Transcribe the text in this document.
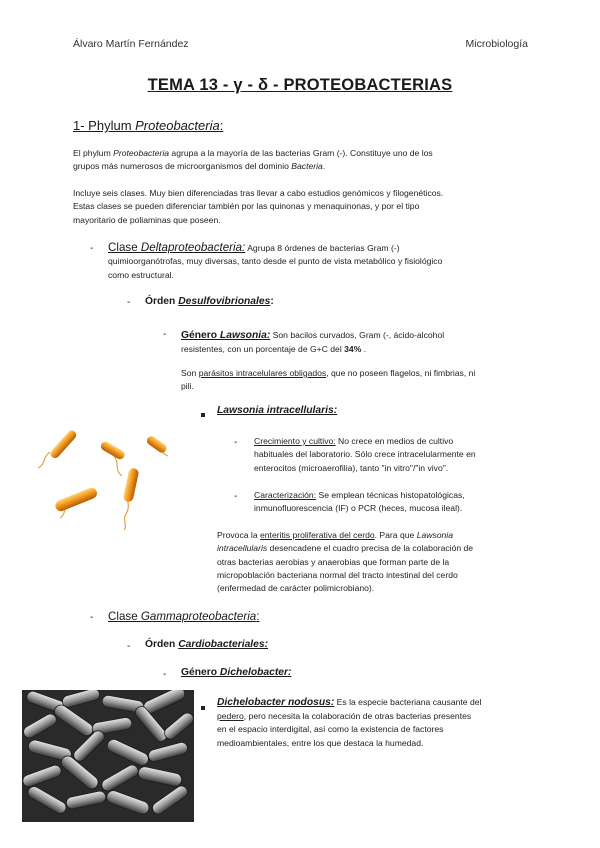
Álvaro Martín Fernández	Microbiología
TEMA 13 - γ - δ - PROTEOBACTERIAS
1- Phylum Proteobacteria:
El phylum Proteobacteria agrupa a la mayoría de las bacterias Gram (-). Constituye uno de los
grupos más numerosos de microorganismos del dominio Bacteria.
Incluye seis clases. Muy bien diferenciadas tras llevar a cabo estudios genómicos y filogenéticos.
Estas clases se pueden diferenciar también por las quinonas y menaquinonas, y por el tipo
mayoritario de poliaminas que poseen.
- Clase Deltaproteobacteria: Agrupa 8 órdenes de bacterias Gram (-)
quimioorganótrofas, muy diversas, tanto desde el punto de vista metabólico y fisiológico
como estructural.
- Órden Desulfovibrionales:
- Género Lawsonia: Son bacilos curvados, Gram (-, ácido-alcohol
resistentes, con un porcentaje de G+C del 34% .
Son parásitos intracelulares obligados, que no poseen flagelos, ni fimbrias, ni
pili.
Lawsonia intracellularis:
- Crecimiento y cultivo: No crece en medios de cultivo
habituales del laboratorio. Sólo crece intracelularmente en
enterocitos (microaerofilia), tanto "in vitro"/"in vivo".
- Caracterización: Se emplean técnicas histopatológicas,
inmunofluorescencia (IF) o PCR (heces, mucosa ileal).
Provoca la enteritis proliferativa del cerdo. Para que Lawsonia
intracellularis desencadene el cuadro precisa de la colaboración de
otras bacterias aerobias y anaerobias que forman parte de la
micropoblación bacteriana normal del tracto intestinal del cerdo
(enfermedad de carácter polimicrobiano).
- Clase Gammaproteobacteria:
- Órden Cardiobacteriales:
- Género Dichelobacter:
Dichelobacter nodosus: Es la especie bacteriana causante del
pedero, pero necesita la colaboración de otras bacterias presentes
en el espacio interdigital, así como la existencia de factores
medioambientales, entre los que destaca la humedad.
